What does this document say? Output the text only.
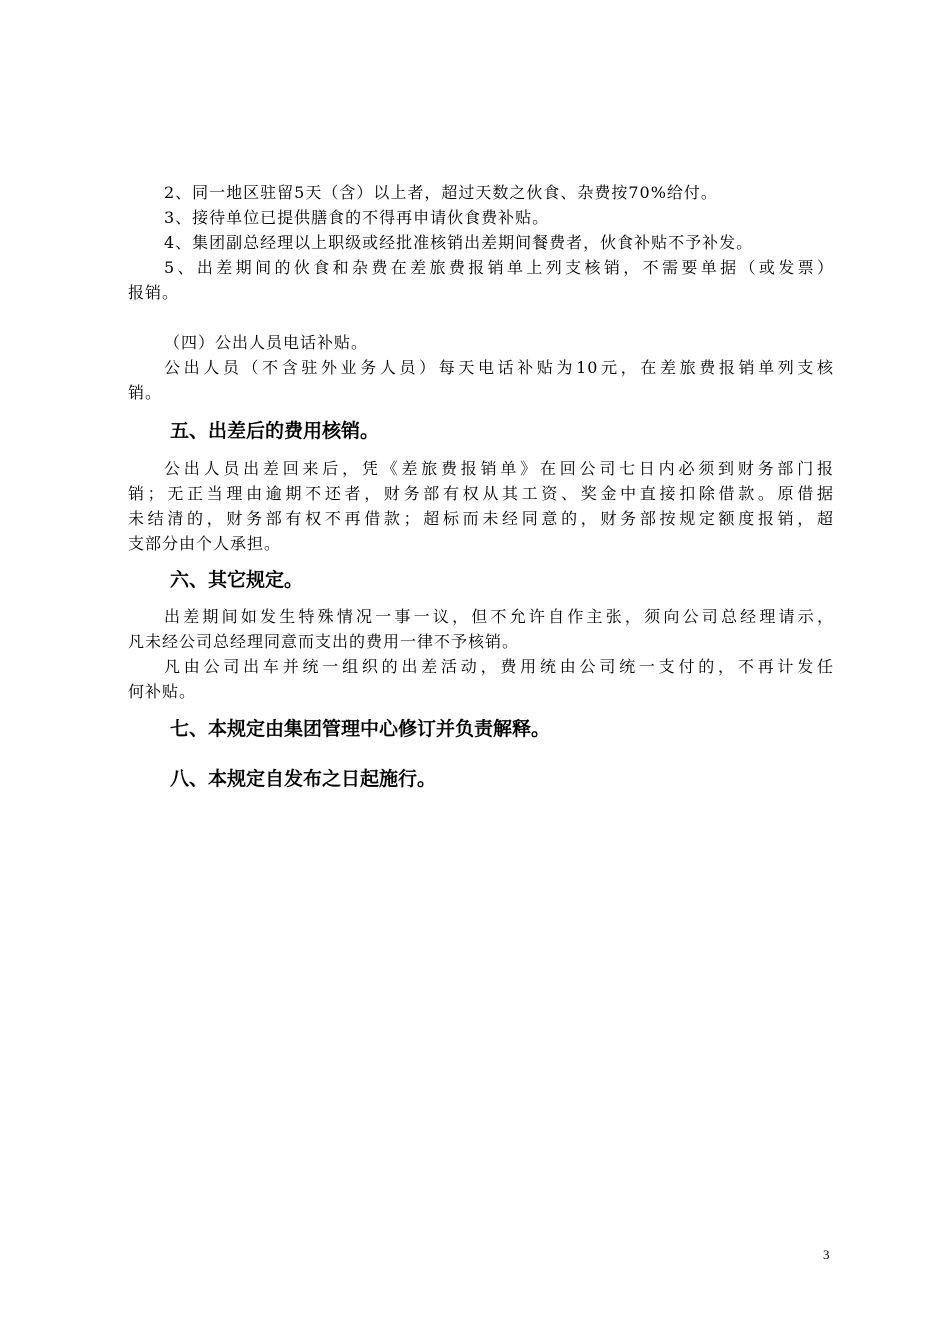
2、同一地区驻留5天（含）以上者，超过天数之伙食、杂费按70%给付。
3、接待单位已提供膳食的不得再申请伙食费补贴。
4、集团副总经理以上职级或经批准核销出差期间餐费者，伙食补贴不予补发。
5、出差期间的伙食和杂费在差旅费报销单上列支核销，不需要单据（或发票）
报销。
（四）公出人员电话补贴。
公出人员（不含驻外业务人员）每天电话补贴为10元，在差旅费报销单列支核
销。
五、出差后的费用核销。
公出人员出差回来后，凭《差旅费报销单》在回公司七日内必须到财务部门报
销；无正当理由逾期不还者，财务部有权从其工资、奖金中直接扣除借款。原借据
未结清的，财务部有权不再借款；超标而未经同意的，财务部按规定额度报销，超
支部分由个人承担。
六、其它规定。
出差期间如发生特殊情况一事一议，但不允许自作主张，须向公司总经理请示，
凡未经公司总经理同意而支出的费用一律不予核销。
凡由公司出车并统一组织的出差活动，费用统由公司统一支付的，不再计发任
何补贴。
七、本规定由集团管理中心修订并负责解释。
八、本规定自发布之日起施行。
3
